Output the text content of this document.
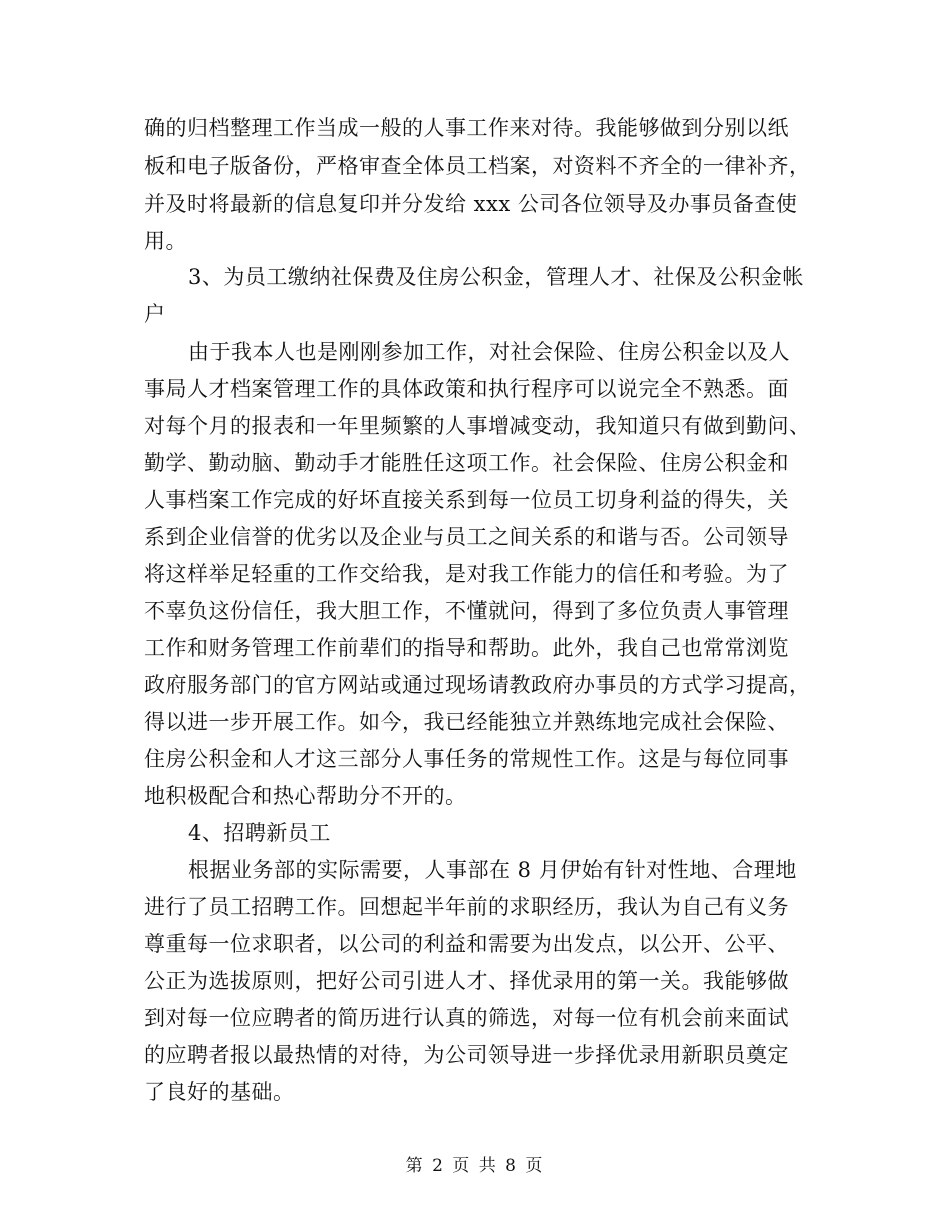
确的归档整理工作当成一般的人事工作来对待。我能够做到分别以纸
板和电子版备份，严格审查全体员工档案，对资料不齐全的一律补齐，
并及时将最新的信息复印并分发给 xxx 公司各位领导及办事员备查使
用。
3、为员工缴纳社保费及住房公积金，管理人才、社保及公积金帐
户
由于我本人也是刚刚参加工作，对社会保险、住房公积金以及人
事局人才档案管理工作的具体政策和执行程序可以说完全不熟悉。面
对每个月的报表和一年里频繁的人事增减变动，我知道只有做到勤问、
勤学、勤动脑、勤动手才能胜任这项工作。社会保险、住房公积金和
人事档案工作完成的好坏直接关系到每一位员工切身利益的得失，关
系到企业信誉的优劣以及企业与员工之间关系的和谐与否。公司领导
将这样举足轻重的工作交给我，是对我工作能力的信任和考验。为了
不辜负这份信任，我大胆工作，不懂就问，得到了多位负责人事管理
工作和财务管理工作前辈们的指导和帮助。此外，我自己也常常浏览
政府服务部门的官方网站或通过现场请教政府办事员的方式学习提高，
得以进一步开展工作。如今，我已经能独立并熟练地完成社会保险、
住房公积金和人才这三部分人事任务的常规性工作。这是与每位同事
地积极配合和热心帮助分不开的。
4、招聘新员工
根据业务部的实际需要，人事部在 8 月伊始有针对性地、合理地
进行了员工招聘工作。回想起半年前的求职经历，我认为自己有义务
尊重每一位求职者，以公司的利益和需要为出发点，以公开、公平、
公正为选拔原则，把好公司引进人才、择优录用的第一关。我能够做
到对每一位应聘者的简历进行认真的筛选，对每一位有机会前来面试
的应聘者报以最热情的对待，为公司领导进一步择优录用新职员奠定
了良好的基础。
第 2 页 共 8 页
